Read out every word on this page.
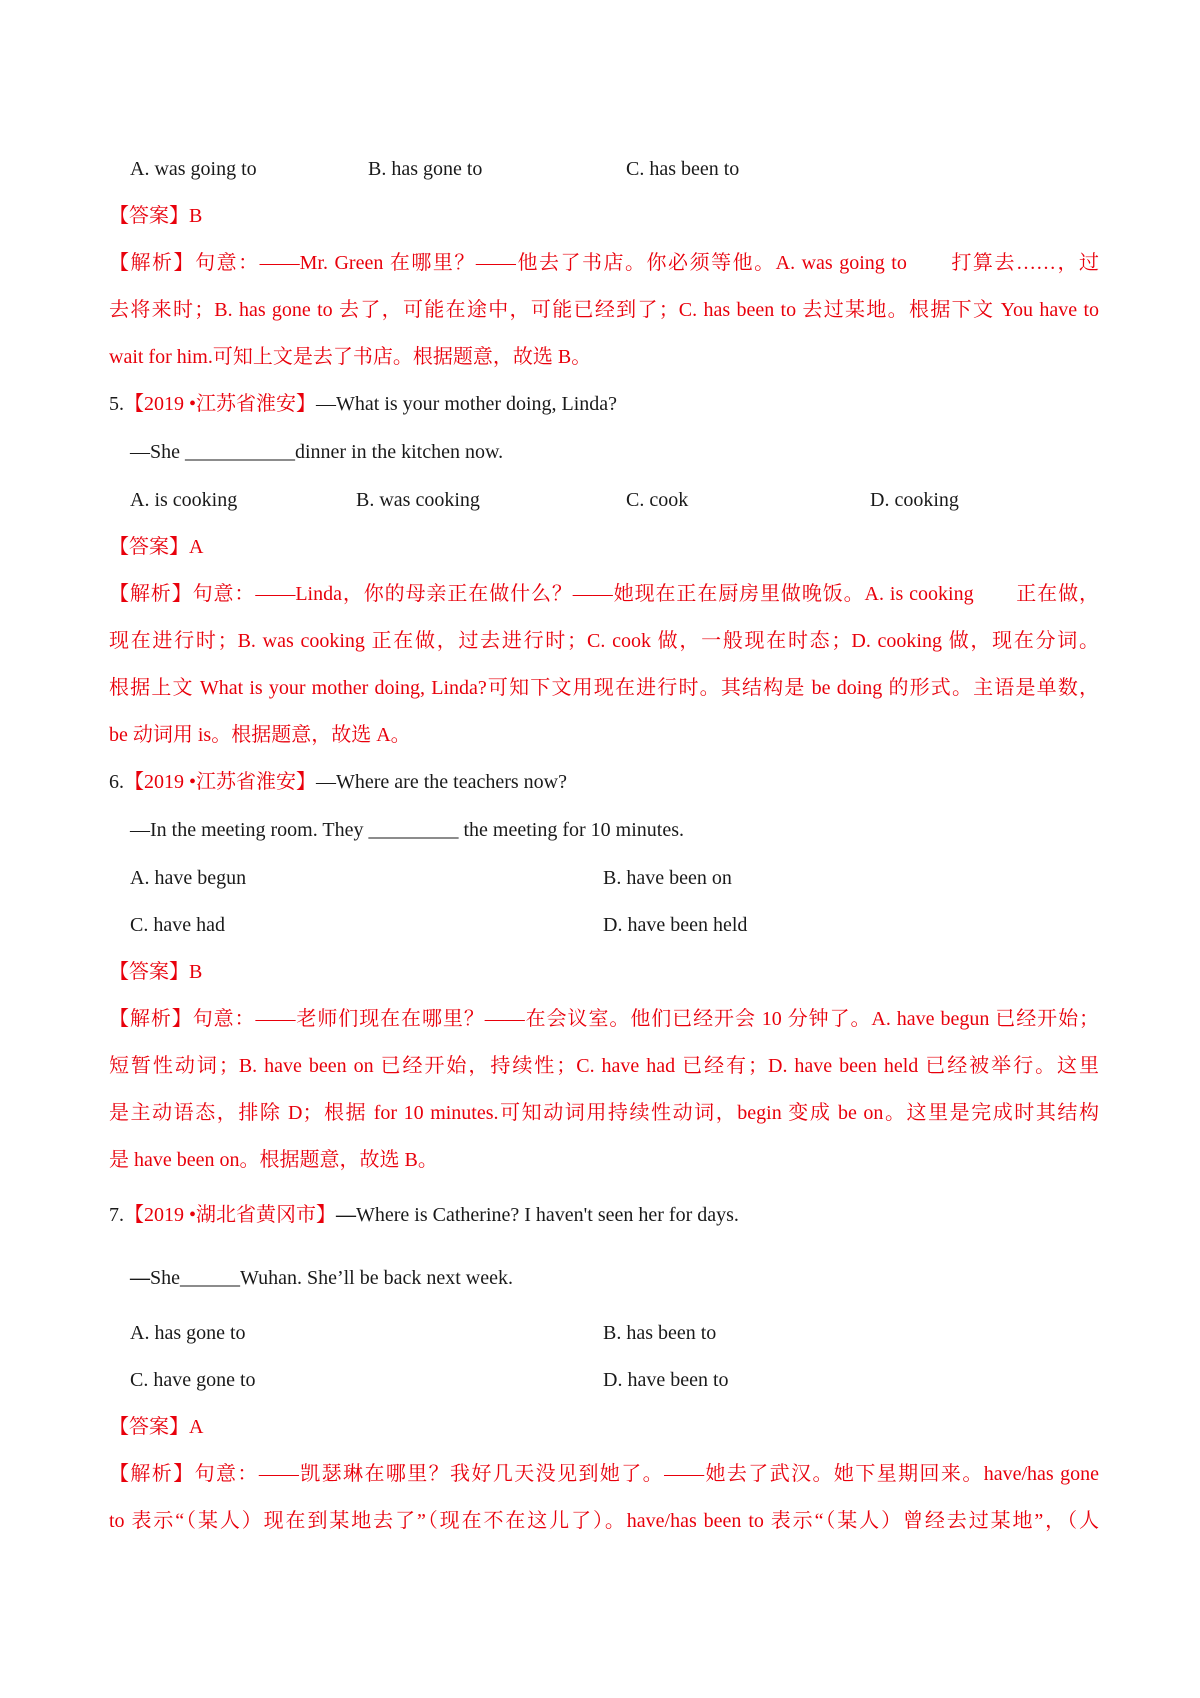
A. was going to	B. has gone to	C. has been to
【答案】B
【解析】句意：——Mr. Green 在哪里？——他去了书店。你必须等他。A. was going to　　打算去……，过
去将来时；B. has gone to 去了，可能在途中，可能已经到了；C. has been to 去过某地。根据下文 You have to
wait for him.可知上文是去了书店。根据题意，故选 B。
5.【2019 •江苏省淮安】—What is your mother doing, Linda?
—She ___________dinner in the kitchen now.
A. is cooking	B. was cooking	C. cook	D. cooking
【答案】A
【解析】句意：——Linda，你的母亲正在做什么？——她现在正在厨房里做晚饭。A. is cooking　　正在做，
现在进行时；B. was cooking 正在做，过去进行时；C. cook 做，一般现在时态；D. cooking 做，现在分词。
根据上文 What is your mother doing, Linda?可知下文用现在进行时。其结构是 be doing 的形式。主语是单数，
be 动词用 is。根据题意，故选 A。
6.【2019 •江苏省淮安】—Where are the teachers now?
—In the meeting room. They _________ the meeting for 10 minutes.
A. have begun	B. have been on
C. have had	D. have been held
【答案】B
【解析】句意：——老师们现在在哪里？——在会议室。他们已经开会 10 分钟了。A. have begun 已经开始；
短暂性动词；B. have been on 已经开始，持续性；C. have had 已经有；D. have been held 已经被举行。这里
是主动语态，排除 D；根据 for 10 minutes.可知动词用持续性动词，begin 变成 be on。这里是完成时其结构
是 have been on。根据题意，故选 B。
7.【2019 •湖北省黄冈市】—Where is Catherine? I haven't seen her for days.
—She______Wuhan. She’ll be back next week.
A. has gone to	B. has been to
C. have gone to	D. have been to
【答案】A
【解析】句意：——凯瑟琳在哪里？我好几天没见到她了。——她去了武汉。她下星期回来。have/has gone
to 表示“（某人）现在到某地去了”（现在不在这儿了）。have/has been to 表示“（某人）曾经去过某地”，（人
